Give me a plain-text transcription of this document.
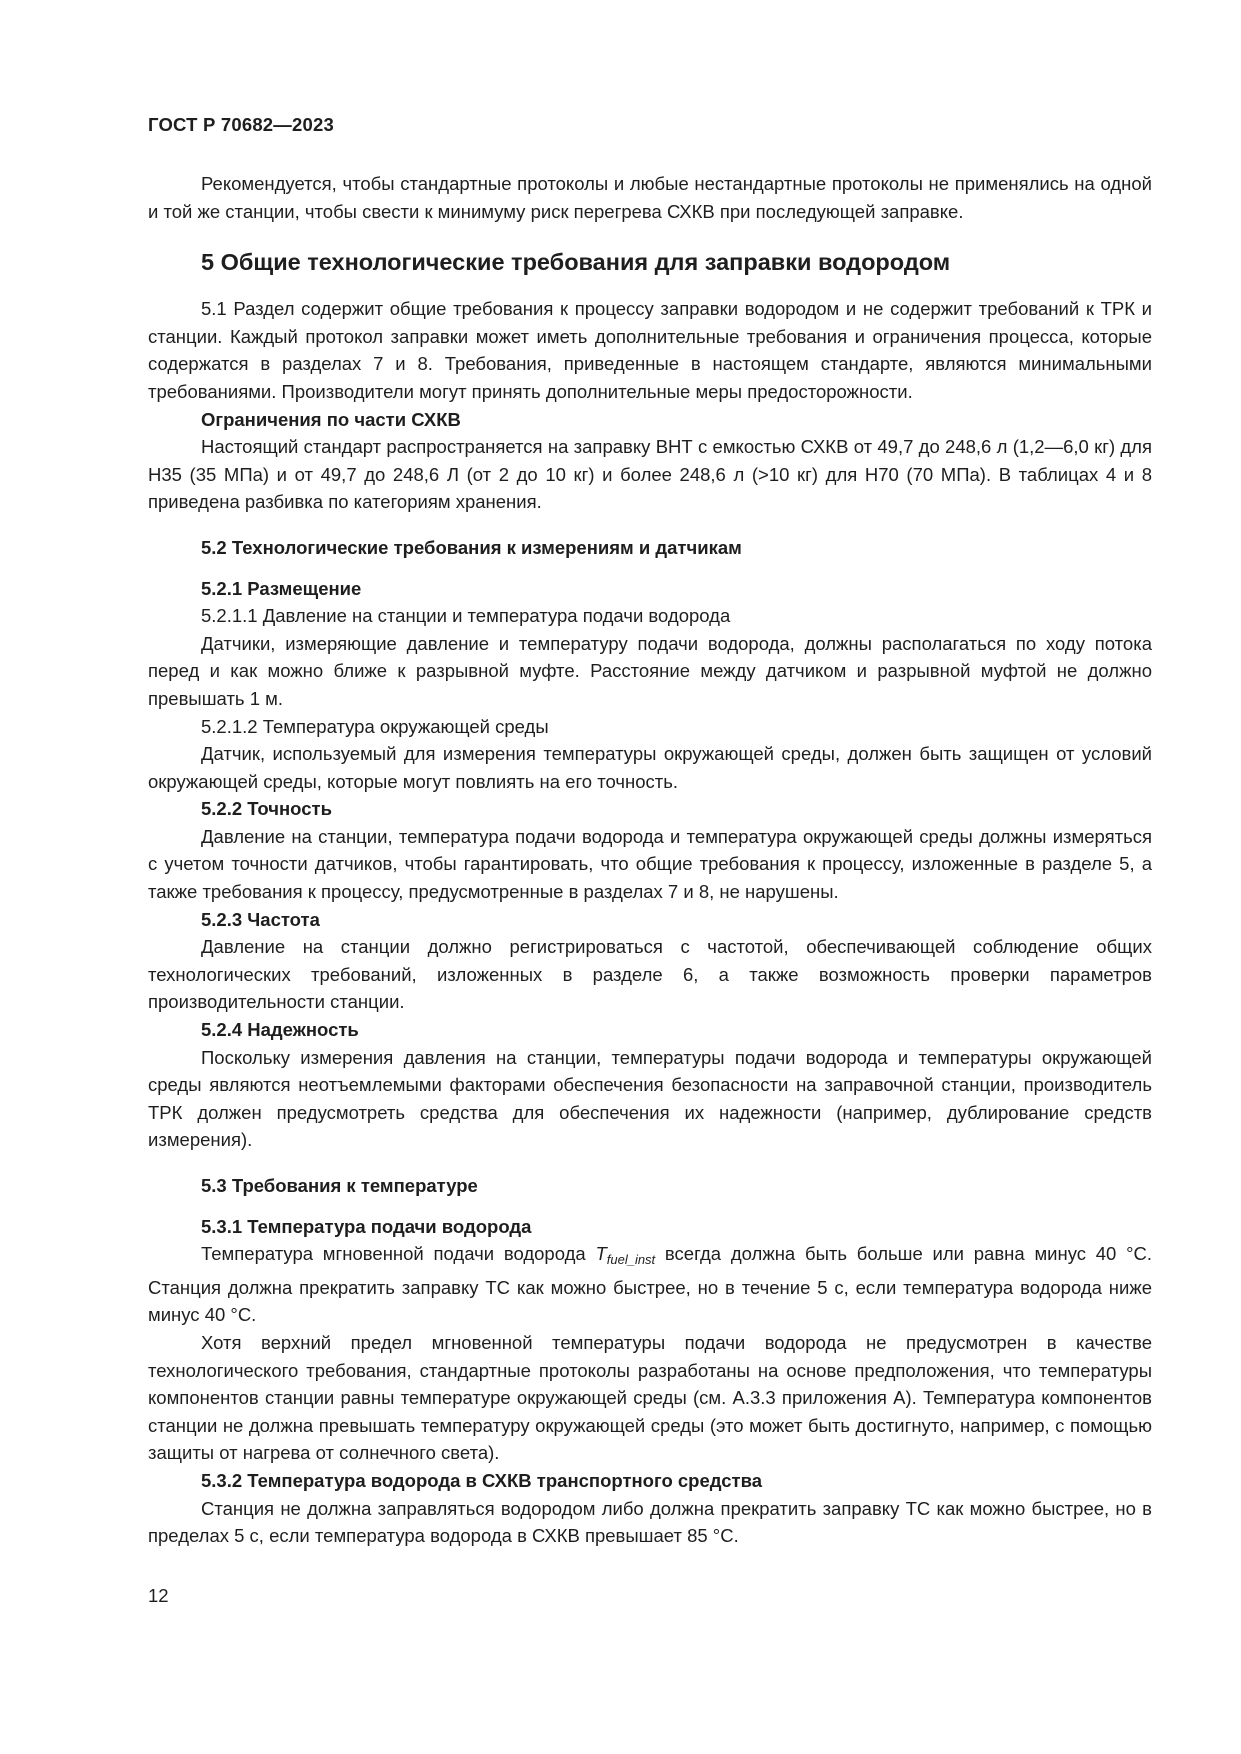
ГОСТ Р 70682—2023

Рекомендуется, чтобы стандартные протоколы и любые нестандартные протоколы не применялись на одной и той же станции, чтобы свести к минимуму риск перегрева СХКВ при последующей заправке.

5 Общие технологические требования для заправки водородом

5.1 Раздел содержит общие требования к процессу заправки водородом и не содержит требований к ТРК и станции. Каждый протокол заправки может иметь дополнительные требования и ограничения процесса, которые содержатся в разделах 7 и 8. Требования, приведенные в настоящем стандарте, являются минимальными требованиями. Производители могут принять дополнительные меры предосторожности.

Ограничения по части СХКВ

Настоящий стандарт распространяется на заправку ВНТ с емкостью СХКВ от 49,7 до 248,6 л (1,2—6,0 кг) для Н35 (35 МПа) и от 49,7 до 248,6 Л (от 2 до 10 кг) и более 248,6 л (>10 кг) для Н70 (70 МПа). В таблицах 4 и 8 приведена разбивка по категориям хранения.

5.2 Технологические требования к измерениям и датчикам

5.2.1 Размещение

5.2.1.1 Давление на станции и температура подачи водорода

Датчики, измеряющие давление и температуру подачи водорода, должны располагаться по ходу потока перед и как можно ближе к разрывной муфте. Расстояние между датчиком и разрывной муфтой не должно превышать 1 м.

5.2.1.2 Температура окружающей среды

Датчик, используемый для измерения температуры окружающей среды, должен быть защищен от условий окружающей среды, которые могут повлиять на его точность.

5.2.2 Точность

Давление на станции, температура подачи водорода и температура окружающей среды должны измеряться с учетом точности датчиков, чтобы гарантировать, что общие требования к процессу, изложенные в разделе 5, а также требования к процессу, предусмотренные в разделах 7 и 8, не нарушены.

5.2.3 Частота

Давление на станции должно регистрироваться с частотой, обеспечивающей соблюдение общих технологических требований, изложенных в разделе 6, а также возможность проверки параметров производительности станции.

5.2.4 Надежность

Поскольку измерения давления на станции, температуры подачи водорода и температуры окружающей среды являются неотъемлемыми факторами обеспечения безопасности на заправочной станции, производитель ТРК должен предусмотреть средства для обеспечения их надежности (например, дублирование средств измерения).

5.3 Требования к температуре

5.3.1 Температура подачи водорода

Температура мгновенной подачи водорода $T_{fuel\_inst}$ всегда должна быть больше или равна минус 40 °С. Станция должна прекратить заправку ТС как можно быстрее, но в течение 5 с, если температура водорода ниже минус 40 °С.

Хотя верхний предел мгновенной температуры подачи водорода не предусмотрен в качестве технологического требования, стандартные протоколы разработаны на основе предположения, что температуры компонентов станции равны температуре окружающей среды (см. А.3.3 приложения А). Температура компонентов станции не должна превышать температуру окружающей среды (это может быть достигнуто, например, с помощью защиты от нагрева от солнечного света).

5.3.2 Температура водорода в СХКВ транспортного средства

Станция не должна заправляться водородом либо должна прекратить заправку ТС как можно быстрее, но в пределах 5 с, если температура водорода в СХКВ превышает 85 °С.

12
